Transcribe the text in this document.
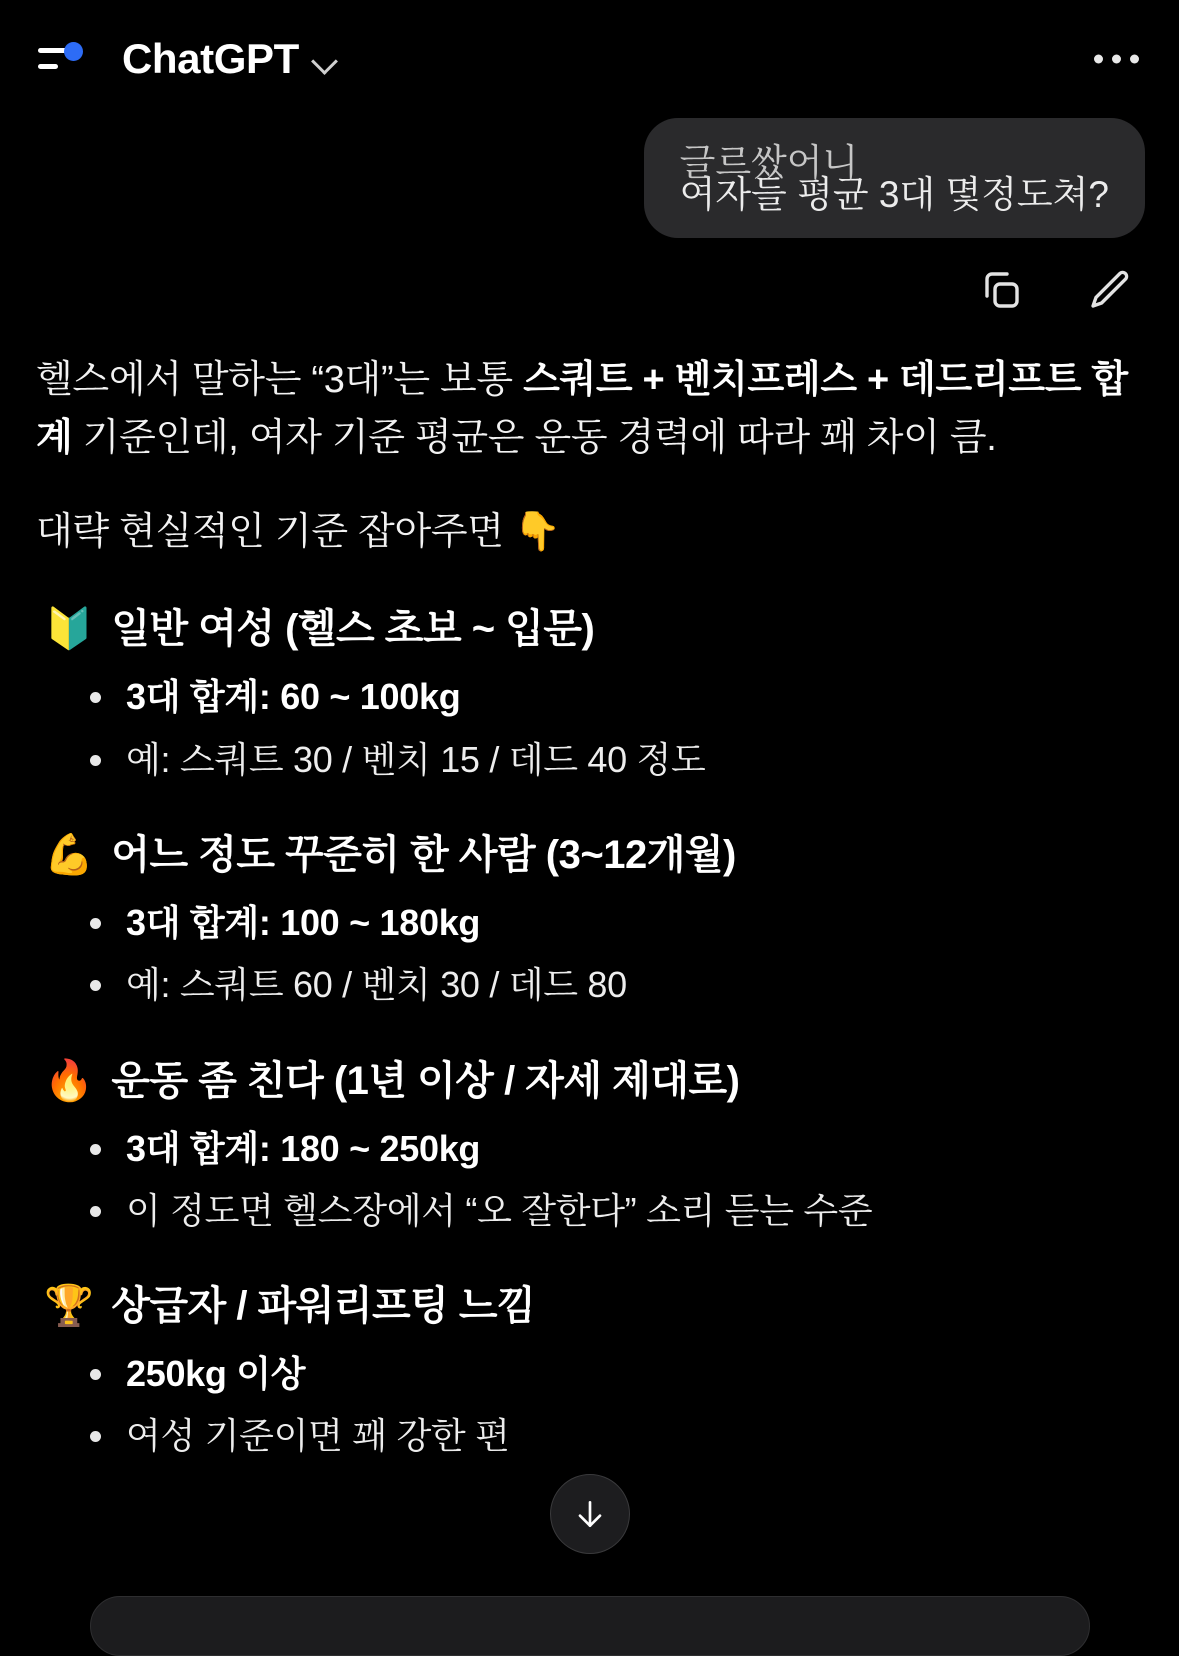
ChatGPT
글르쌌어니
여자들 평균 3대 몇정도쳐?

헬스에서 말하는 “3대”는 보통 스쿼트 + 벤치프레스 + 데드리프트 합계 기준인데, 여자 기준 평균은 운동 경력에 따라 꽤 차이 큼.

대략 현실적인 기준 잡아주면 👇

🔰 일반 여성 (헬스 초보 ~ 입문)
3대 합계: 60 ~ 100kg
예: 스쿼트 30 / 벤치 15 / 데드 40 정도
💪 어느 정도 꾸준히 한 사람 (3~12개월)
3대 합계: 100 ~ 180kg
예: 스쿼트 60 / 벤치 30 / 데드 80
🔥 운동 좀 친다 (1년 이상 / 자세 제대로)
3대 합계: 180 ~ 250kg
이 정도면 헬스장에서 “오 잘한다” 소리 듣는 수준
🏆 상급자 / 파워리프팅 느낌
250kg 이상
여성 기준이면 꽤 강한 편
